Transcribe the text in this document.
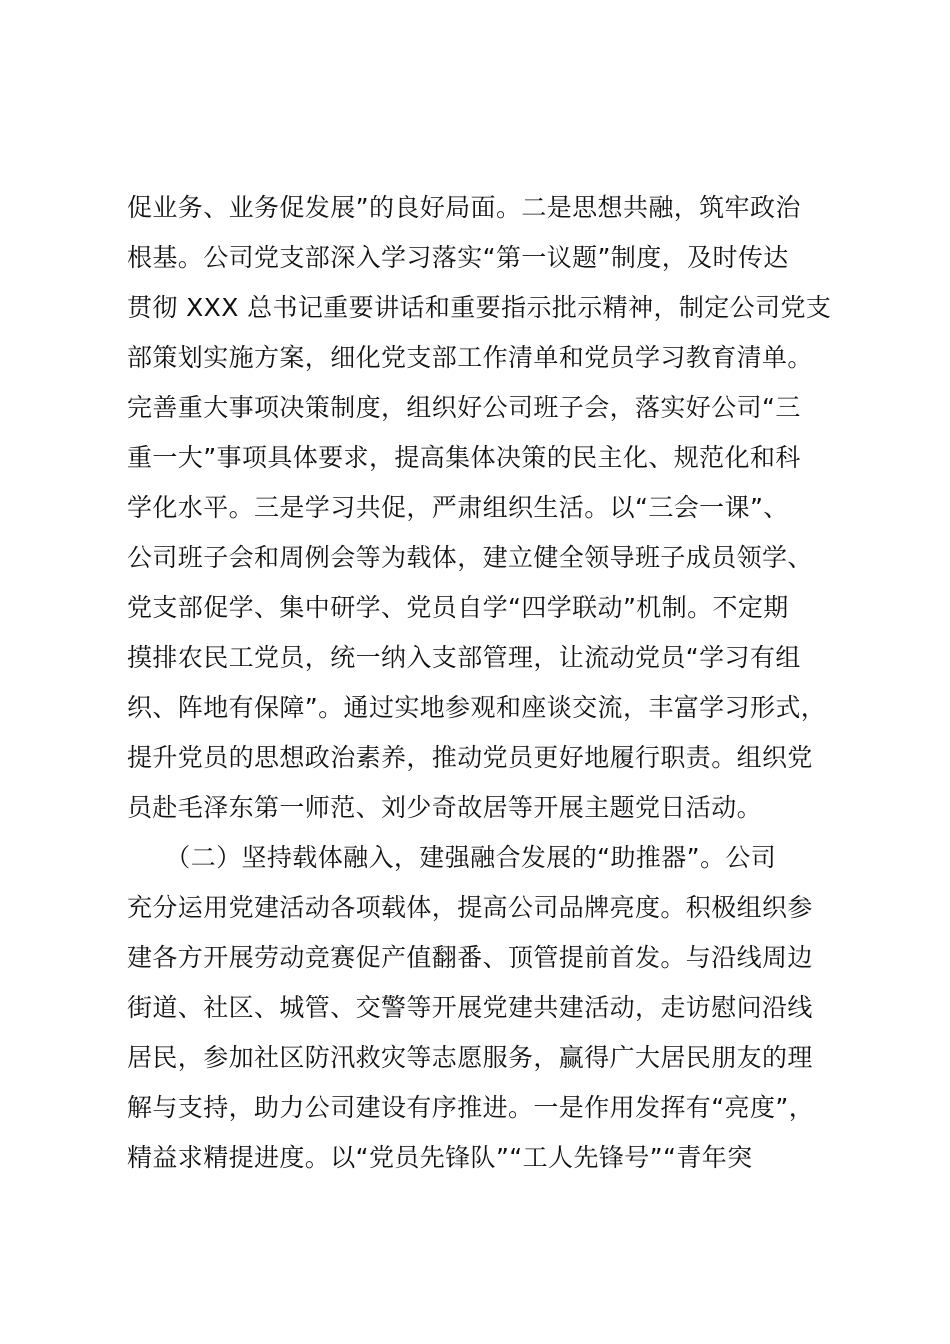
促业务、业务促发展”的良好局面。二是思想共融，筑牢政治
根基。公司党支部深入学习落实“第一议题”制度，及时传达
贯彻 XXX 总书记重要讲话和重要指示批示精神，制定公司党支
部策划实施方案，细化党支部工作清单和党员学习教育清单。
完善重大事项决策制度，组织好公司班子会，落实好公司“三
重一大”事项具体要求，提高集体决策的民主化、规范化和科
学化水平。三是学习共促，严肃组织生活。以“三会一课”、
公司班子会和周例会等为载体，建立健全领导班子成员领学、
党支部促学、集中研学、党员自学“四学联动”机制。不定期
摸排农民工党员，统一纳入支部管理，让流动党员“学习有组
织、阵地有保障”。通过实地参观和座谈交流，丰富学习形式，
提升党员的思想政治素养，推动党员更好地履行职责。组织党
员赴毛泽东第一师范、刘少奇故居等开展主题党日活动。
　　（二）坚持载体融入，建强融合发展的“助推器”。公司
充分运用党建活动各项载体，提高公司品牌亮度。积极组织参
建各方开展劳动竞赛促产值翻番、顶管提前首发。与沿线周边
街道、社区、城管、交警等开展党建共建活动，走访慰问沿线
居民，参加社区防汛救灾等志愿服务，赢得广大居民朋友的理
解与支持，助力公司建设有序推进。一是作用发挥有“亮度”，
精益求精提进度。以“党员先锋队”“工人先锋号”“青年突
